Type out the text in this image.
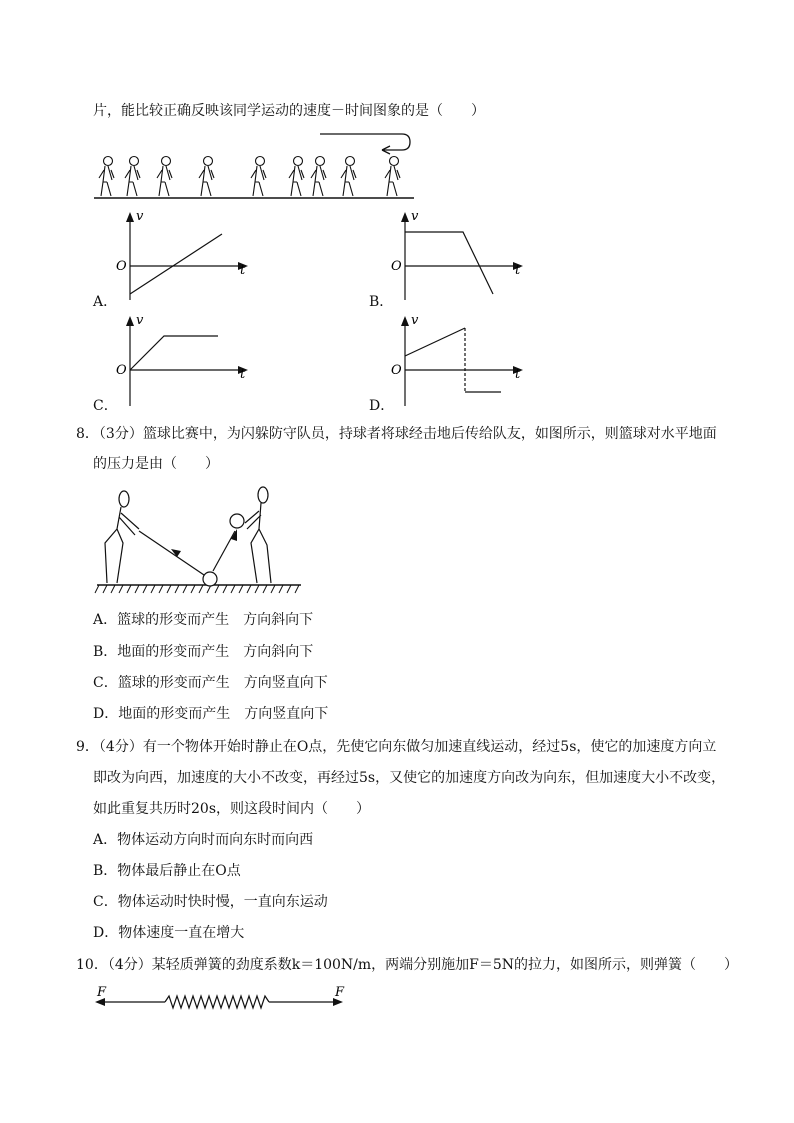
片，能比较正确反映该同学运动的速度－时间图象的是（　　）
v
t
O
A．
v
t
O
B．
v
t
O
C．
v
t
O
D．
8．（3分）篮球比赛中，为闪躲防守队员，持球者将球经击地后传给队友，如图所示，则篮球对水平地面
的压力是由（　　）
A．篮球的形变而产生　方向斜向下
B．地面的形变而产生　方向斜向下
C．篮球的形变而产生　方向竖直向下
D．地面的形变而产生　方向竖直向下
9．（4分）有一个物体开始时静止在O点，先使它向东做匀加速直线运动，经过5s，使它的加速度方向立
即改为向西，加速度的大小不改变，再经过5s，又使它的加速度方向改为向东，但加速度大小不改变，
如此重复共历时20s，则这段时间内（　　）
A．物体运动方向时而向东时而向西
B．物体最后静止在O点
C．物体运动时快时慢，一直向东运动
D．物体速度一直在增大
10．（4分）某轻质弹簧的劲度系数k＝100N/m，两端分别施加F＝5N的拉力，如图所示，则弹簧（　　）
F	F
